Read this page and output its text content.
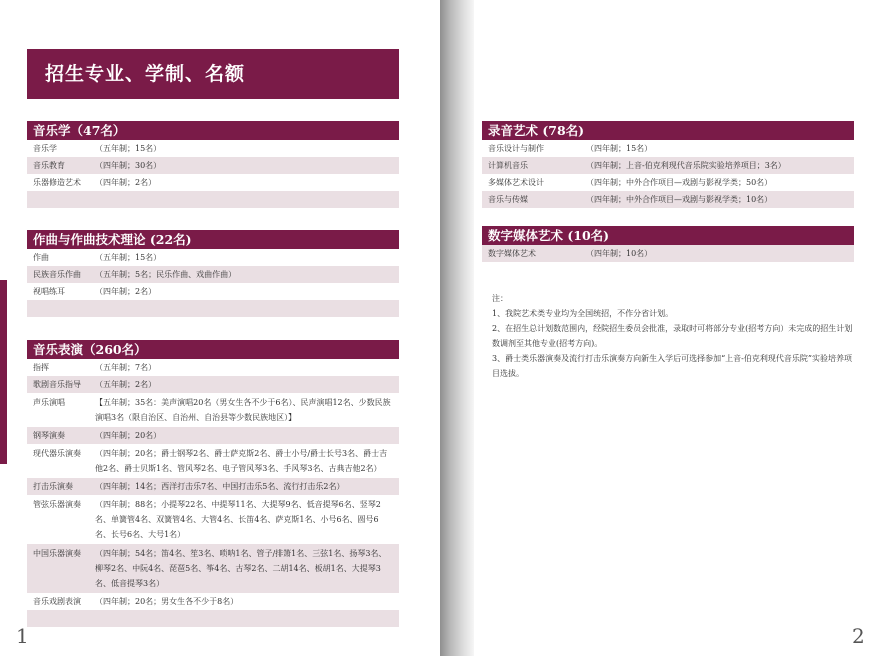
招生专业、学制、名额
音乐学（47名）
音乐学	（五年制；15名）
音乐教育	（四年制；30名）
乐器修造艺术	（四年制；2名）
作曲与作曲技术理论 (22名)
作曲	（五年制；15名）
民族音乐作曲	（五年制；5名；民乐作曲、戏曲作曲）
视唱练耳	（四年制；2名）
音乐表演（260名）
指挥	（五年制；7名）
歌剧音乐指导	（五年制；2名）
声乐演唱	【五年制；35名：美声演唱20名（男女生各不少于6名）、民声演唱12名、少数民族演唱3名（限自治区、自治州、自治县等少数民族地区）】
钢琴演奏	（四年制；20名）
现代器乐演奏	（四年制；20名；爵士钢琴2名、爵士萨克斯2名、爵士小号/爵士长号3名、爵士吉他2名、爵士贝斯1名、管风琴2名、电子管风琴3名、手风琴3名、古典吉他2名）
打击乐演奏	（四年制；14名；西洋打击乐7名、中国打击乐5名、流行打击乐2名）
管弦乐器演奏	（四年制；88名；小提琴22名、中提琴11名、大提琴9名、低音提琴6名、竖琴2名、单簧管4名、双簧管4名、大管4名、长笛4名、萨克斯1名、小号6名、圆号6名、长号6名、大号1名）
中国乐器演奏	（四年制；54名；笛4名、笙3名、唢呐1名、管子/排箫1名、三弦1名、扬琴3名、柳琴2名、中阮4名、琵琶5名、筝4名、古琴2名、二胡14名、板胡1名、大提琴3名、低音提琴3名）
音乐戏剧表演	（四年制；20名；男女生各不少于8名）
1
录音艺术 (78名)
音乐设计与制作	（四年制；15名）
计算机音乐	（四年制；上音-伯克利现代音乐院实验培养项目；3名）
多媒体艺术设计	（四年制；中外合作项目—戏剧与影视学类；50名）
音乐与传媒	（四年制；中外合作项目—戏剧与影视学类；10名）
数字媒体艺术 (10名)
数字媒体艺术	（四年制；10名）

注：

1、我院艺术类专业均为全国统招，不作分省计划。

2、在招生总计划数范围内，经院招生委员会批准，录取时可将部分专业(招考方向）未完成的招生计划数调剂至其他专业(招考方向)。

3、爵士类乐器演奏及流行打击乐演奏方向新生入学后可选择参加“上音-伯克利现代音乐院”实验培养项目选拔。

2
